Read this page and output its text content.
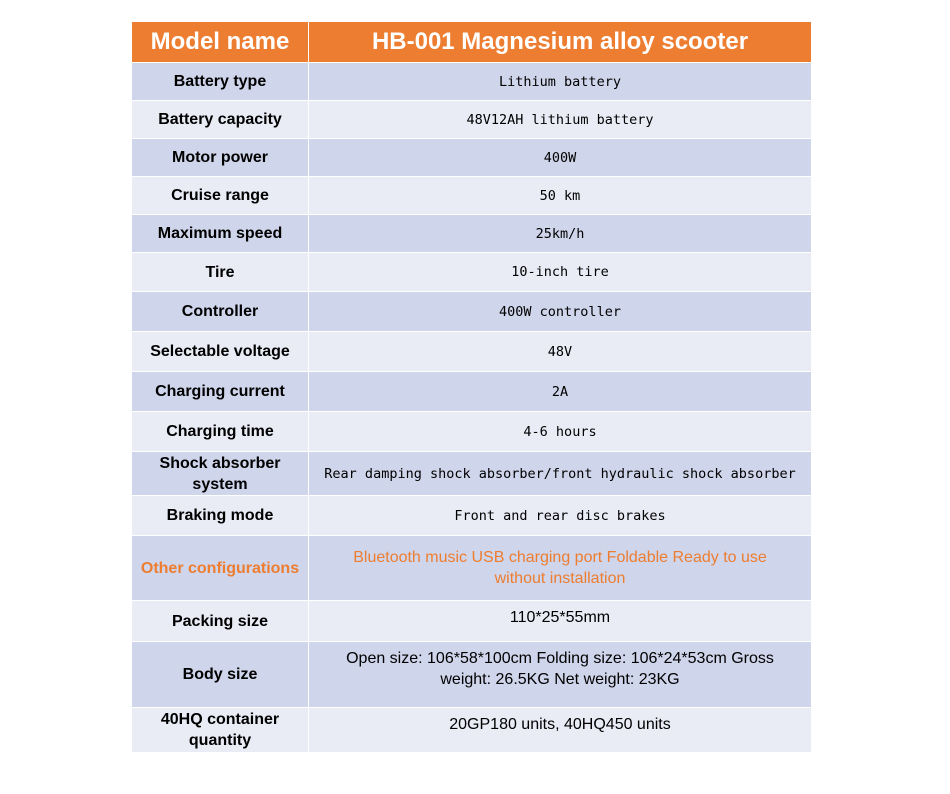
Model name	HB-001 Magnesium alloy scooter
Battery type	Lithium battery
Battery capacity	48V12AH lithium battery
Motor power	400W
Cruise range	50 km
Maximum speed	25km/h
Tire	10-inch tire
Controller	400W controller
Selectable voltage	48V
Charging current	2A
Charging time	4-6 hours
Shock absorber system	Rear damping shock absorber/front hydraulic shock absorber
Braking mode	Front and rear disc brakes
Other configurations	Bluetooth music USB charging port Foldable Ready to use without installation
Packing size	110*25*55mm
Body size	Open size: 106*58*100cm Folding size: 106*24*53cm Gross weight: 26.5KG Net weight: 23KG
40HQ container quantity	20GP180 units, 40HQ450 units
